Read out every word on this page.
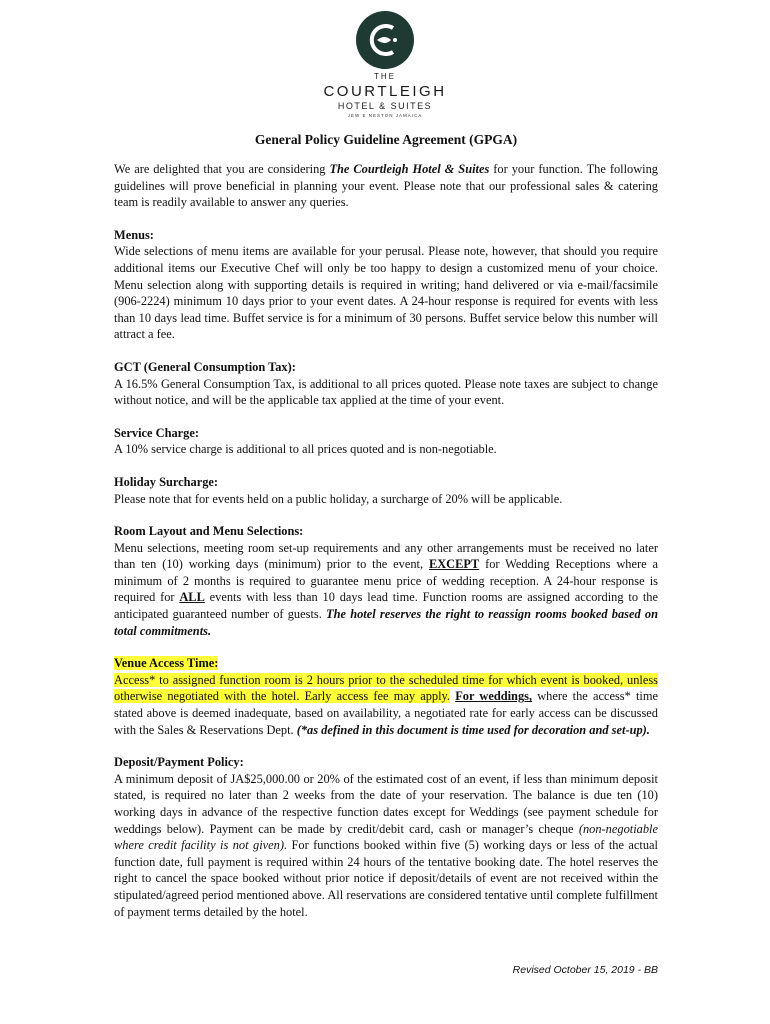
THE
COURTLEIGH
HOTEL & SUITES
JEW E NESTON JAMAICA
General Policy Guideline Agreement (GPGA)

We are delighted that you are considering The Courtleigh Hotel & Suites for your function. The following guidelines will prove beneficial in planning your event. Please note that our professional sales & catering team is readily available to answer any queries.

Menus:

Wide selections of menu items are available for your perusal. Please note, however, that should you require additional items our Executive Chef will only be too happy to design a customized menu of your choice. Menu selection along with supporting details is required in writing; hand delivered or via e-mail/facsimile (906-2224) minimum 10 days prior to your event dates. A 24-hour response is required for events with less than 10 days lead time. Buffet service is for a minimum of 30 persons. Buffet service below this number will attract a fee.

GCT (General Consumption Tax):

A 16.5% General Consumption Tax, is additional to all prices quoted. Please note taxes are subject to change without notice, and will be the applicable tax applied at the time of your event.

Service Charge:

A 10% service charge is additional to all prices quoted and is non-negotiable.

Holiday Surcharge:

Please note that for events held on a public holiday, a surcharge of 20% will be applicable.

Room Layout and Menu Selections:

Menu selections, meeting room set-up requirements and any other arrangements must be received no later than ten (10) working days (minimum) prior to the event, EXCEPT for Wedding Receptions where a minimum of 2 months is required to guarantee menu price of wedding reception. A 24-hour response is required for ALL events with less than 10 days lead time. Function rooms are assigned according to the anticipated guaranteed number of guests. The hotel reserves the right to reassign rooms booked based on total commitments.

Venue Access Time:

Access* to assigned function room is 2 hours prior to the scheduled time for which event is booked, unless otherwise negotiated with the hotel. Early access fee may apply. For weddings, where the access* time stated above is deemed inadequate, based on availability, a negotiated rate for early access can be discussed with the Sales & Reservations Dept. (*as defined in this document is time used for decoration and set-up).

Deposit/Payment Policy:

A minimum deposit of JA$25,000.00 or 20% of the estimated cost of an event, if less than minimum deposit stated, is required no later than 2 weeks from the date of your reservation. The balance is due ten (10) working days in advance of the respective function dates except for Weddings (see payment schedule for weddings below). Payment can be made by credit/debit card, cash or manager’s cheque (non-negotiable where credit facility is not given). For functions booked within five (5) working days or less of the actual function date, full payment is required within 24 hours of the tentative booking date. The hotel reserves the right to cancel the space booked without prior notice if deposit/details of event are not received within the stipulated/agreed period mentioned above. All reservations are considered tentative until complete fulfillment of payment terms detailed by the hotel.

Revised October 15, 2019 - BB
